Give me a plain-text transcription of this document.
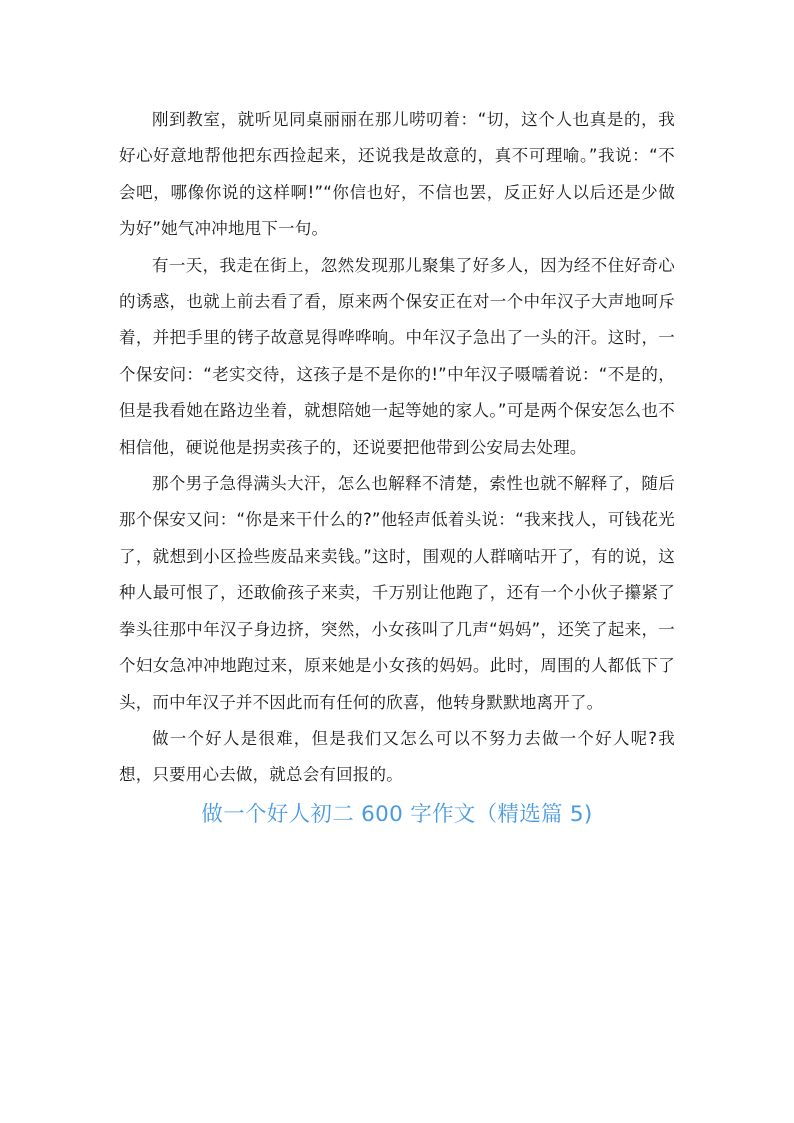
刚到教室，就听见同桌丽丽在那儿唠叨着：“切，这个人也真是的，我好心好意地帮他把东西捡起来，还说我是故意的，真不可理喻。”我说：“不会吧，哪像你说的这样啊!”“你信也好，不信也罢，反正好人以后还是少做为好”她气冲冲地甩下一句。

有一天，我走在街上，忽然发现那儿聚集了好多人，因为经不住好奇心的诱惑，也就上前去看了看，原来两个保安正在对一个中年汉子大声地呵斥着，并把手里的铐子故意晃得哗哗响。中年汉子急出了一头的汗。这时，一个保安问：“老实交待，这孩子是不是你的!”中年汉子嗫嚅着说：“不是的，但是我看她在路边坐着，就想陪她一起等她的家人。”可是两个保安怎么也不相信他，硬说他是拐卖孩子的，还说要把他带到公安局去处理。

那个男子急得满头大汗，怎么也解释不清楚，索性也就不解释了，随后那个保安又问：“你是来干什么的?”他轻声低着头说：“我来找人，可钱花光了，就想到小区捡些废品来卖钱。”这时，围观的人群嘀咕开了，有的说，这种人最可恨了，还敢偷孩子来卖，千万别让他跑了，还有一个小伙子攥紧了拳头往那中年汉子身边挤，突然，小女孩叫了几声“妈妈”，还笑了起来，一个妇女急冲冲地跑过来，原来她是小女孩的妈妈。此时，周围的人都低下了头，而中年汉子并不因此而有任何的欣喜，他转身默默地离开了。

做一个好人是很难，但是我们又怎么可以不努力去做一个好人呢?我想，只要用心去做，就总会有回报的。

做一个好人初二 600 字作文（精选篇 5)
